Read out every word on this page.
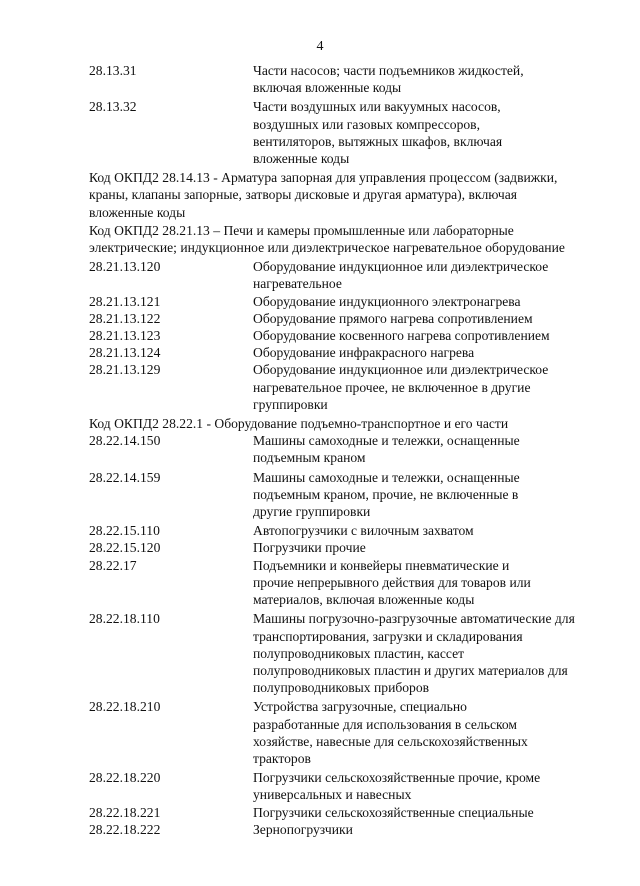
4
28.13.31	Части насосов; части подъемников жидкостей, включая вложенные коды
28.13.32	Части воздушных или вакуумных насосов, воздушных или газовых компрессоров, вентиляторов, вытяжных шкафов, включая вложенные коды
Код ОКПД2 28.14.13 - Арматура запорная для управления процессом (задвижки, краны, клапаны запорные, затворы дисковые и другая арматура), включая вложенные коды
Код ОКПД2 28.21.13 – Печи и камеры промышленные или лабораторные электрические; индукционное или диэлектрическое нагревательное оборудование
28.21.13.120	Оборудование индукционное или диэлектрическое нагревательное
28.21.13.121	Оборудование индукционного электронагрева
28.21.13.122	Оборудование прямого нагрева сопротивлением
28.21.13.123	Оборудование косвенного нагрева сопротивлением
28.21.13.124	Оборудование инфракрасного нагрева
28.21.13.129	Оборудование индукционное или диэлектрическое нагревательное прочее, не включенное в другие группировки
Код ОКПД2 28.22.1 - Оборудование подъемно-транспортное и его части
28.22.14.150	Машины самоходные и тележки, оснащенные подъемным краном
28.22.14.159	Машины самоходные и тележки, оснащенные подъемным краном, прочие, не включенные в другие группировки
28.22.15.110	Автопогрузчики с вилочным захватом
28.22.15.120	Погрузчики прочие
28.22.17	Подъемники и конвейеры пневматические и прочие непрерывного действия для товаров или материалов, включая вложенные коды
28.22.18.110	Машины погрузочно-разгрузочные автоматические для транспортирования, загрузки и складирования полупроводниковых пластин, кассет полупроводниковых пластин и других материалов для полупроводниковых приборов
28.22.18.210	Устройства загрузочные, специально разработанные для использования в сельском хозяйстве, навесные для сельскохозяйственных тракторов
28.22.18.220	Погрузчики сельскохозяйственные прочие, кроме универсальных и навесных
28.22.18.221	Погрузчики сельскохозяйственные специальные
28.22.18.222	Зернопогрузчики
